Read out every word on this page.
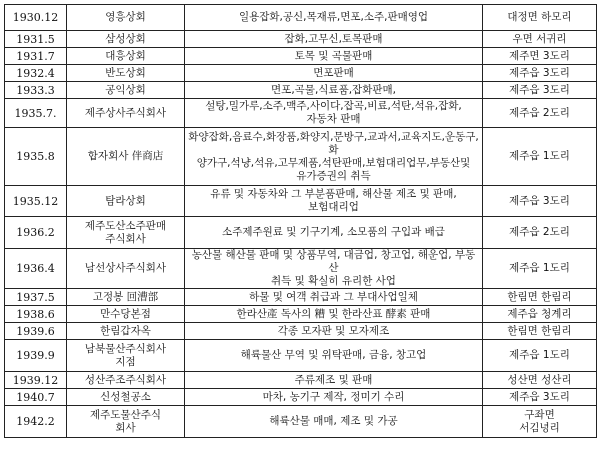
1930.12	영흥상회	일용잡화,공신,목재류,면포,소주,판매영업	대정면 하모리
1931.5	삼성상회	잡화,고무신,토목판매	우면 서귀리
1931.7	대흥상회	토목 및 곡물판매	제주면 3도리
1932.4	반도상회	면포판매	제주읍 3도리
1933.3	공익상회	면포,곡물,식료품,잡화판매,	제주읍 3도리
1935.7.	제주상사주식회사	설탕,밀가루,소주,맥주,사이다,잡곡,비료,석탄,석유,잡화,
자동차 판매	제주읍 2도리
1935.8	합자회사 伴商店	화양잡화,음료수,화장품,화양지,문방구,교과서,교육지도,운동구,화
양가구,석냥,석유,고무제품,석탄판매,보험대리업무,부동산및
유가증권의 취득	제주읍 1도리
1935.12	탐라상회	유류 및 자동차와 그 부분품판매, 해산물 제조 및 판매,
보험대리업	제주읍 3도리
1936.2	제주도산소주판매
주식회사	소주제주원료 및 기구기계, 소모품의 구입과 배급	제주읍 2도리
1936.4	남선상사주식회사	농산물 해산물 판매 및 상품무역, 대금업, 창고업, 해운업, 부동산
취득 및 확실히 유리한 사업	제주읍 1도리
1937.5	고정봉 回漕部	하물 및 여객 취급과 그 부대사업일체	한림면 한림리
1938.6	만수당본점	한라산產 독사의 糟 및 한라산표 酵素 판매	제주읍 청계리
1939.6	한림갑자옥	각종 모자판 및 모자제조	한림면 한림리
1939.9	남북물산주식회사
지점	해륙물산 무역 및 위탁판매, 금융, 창고업	제주읍 1도리
1939.12	성산주조주식회사	주류제조 및 판매	성산면 성산리
1940.7	신성철공소	마차, 농기구 제작, 정미기 수리	제주읍 3도리
1942.2	제주도물산주식
회사	해륙산물 매매, 제조 및 가공	구좌면
서김녕리
